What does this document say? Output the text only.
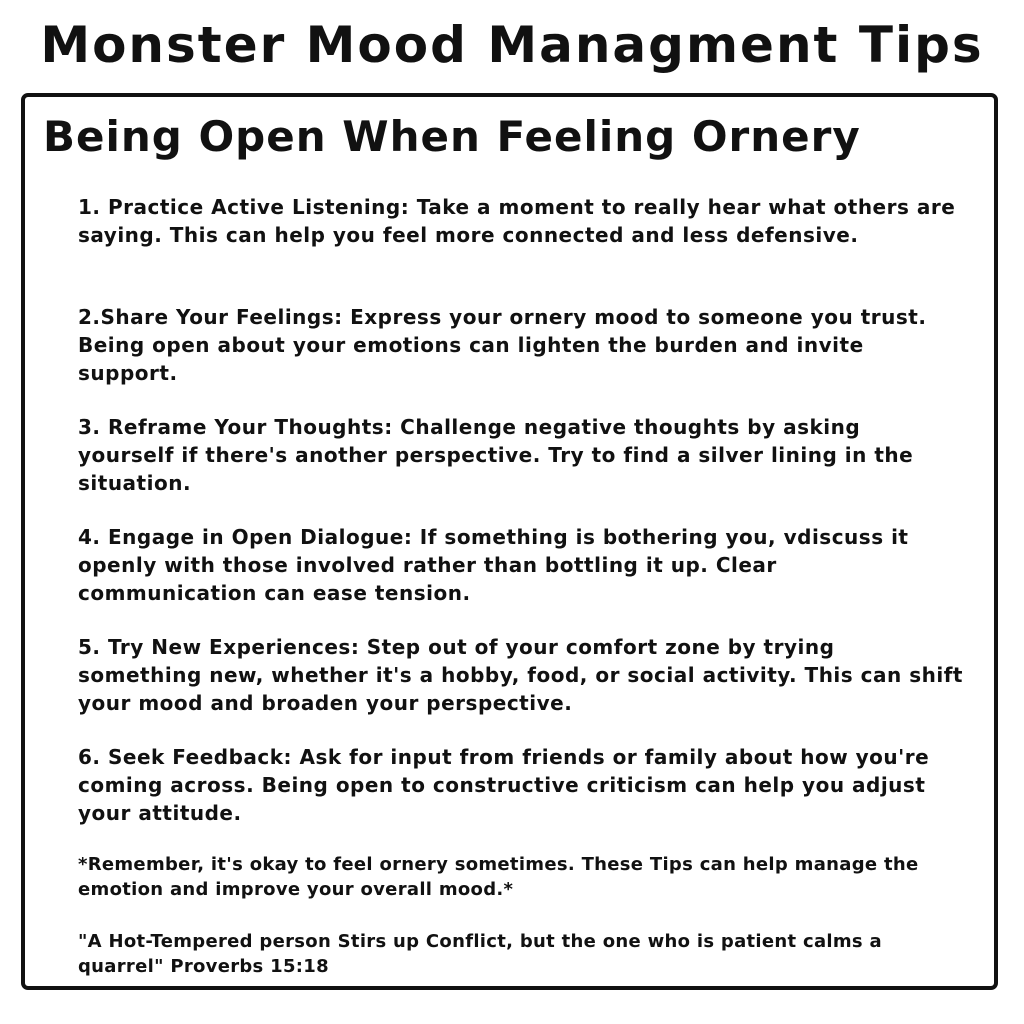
Monster Mood Managment Tips
Being Open When Feeling Ornery
1. Practice Active Listening: Take a moment to really hear what others are saying. This can help you feel more connected and less defensive.
2.Share Your Feelings: Express your ornery mood to someone you trust. Being open about your emotions can lighten the burden and invite support.
3. Reframe Your Thoughts: Challenge negative thoughts by asking yourself if there's another perspective. Try to find a silver lining in the situation.
4. Engage in Open Dialogue: If something is bothering you, vdiscuss it openly with those involved rather than bottling it up. Clear communication can ease tension.
5. Try New Experiences: Step out of your comfort zone by trying something new, whether it's a hobby, food, or social activity. This can shift your mood and broaden your perspective.
6. Seek Feedback: Ask for input from friends or family about how you're coming across. Being open to constructive criticism can help you adjust your attitude.
*Remember, it's okay to feel ornery sometimes. These Tips can help manage the emotion and improve your overall mood.*
"A Hot-Tempered person Stirs up Conflict, but the one who is patient calms a quarrel" Proverbs 15:18
